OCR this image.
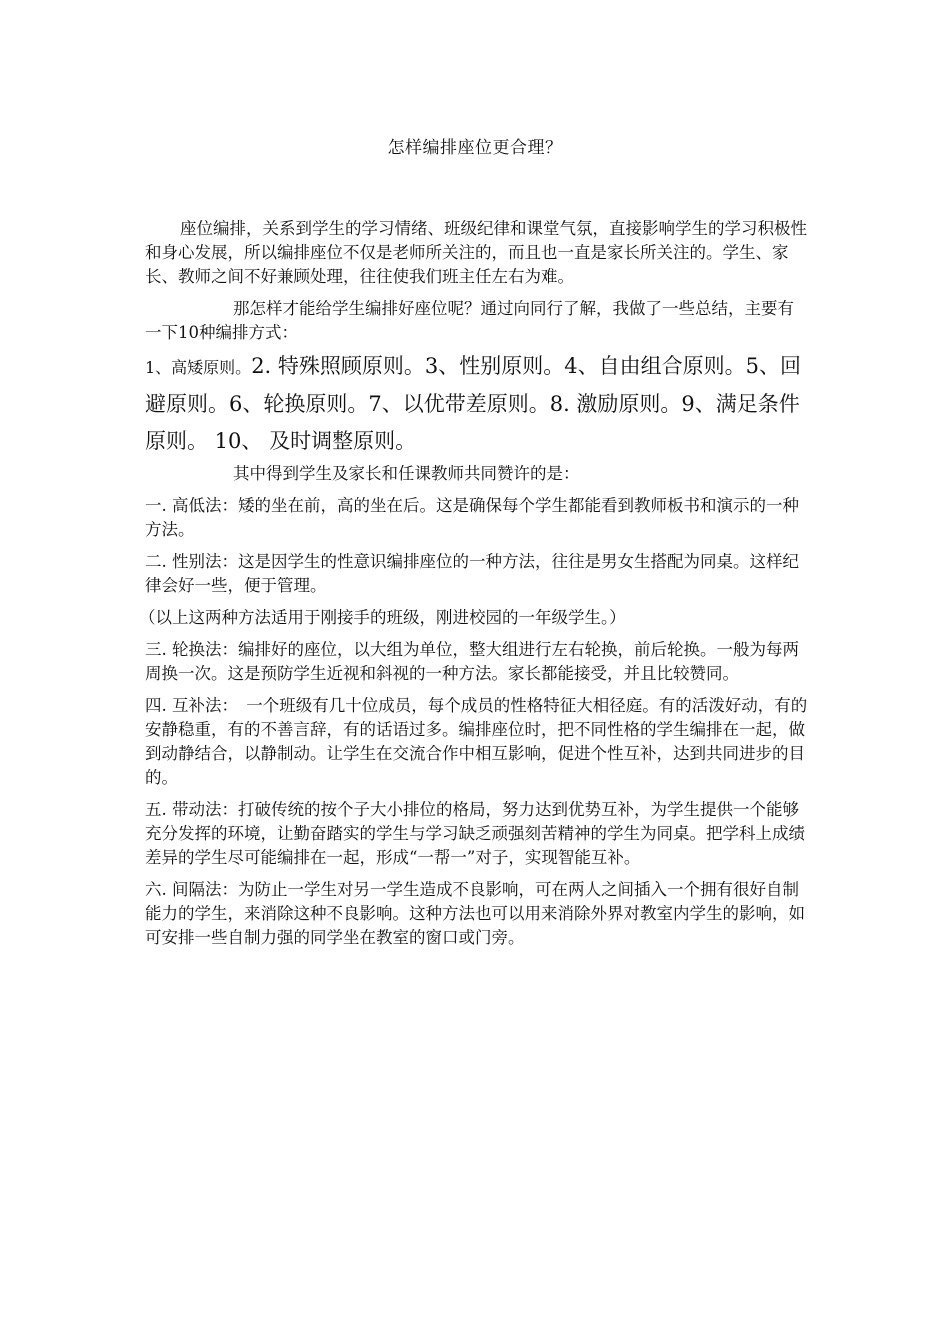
怎样编排座位更合理？

座位编排，关系到学生的学习情绪、班级纪律和课堂气氛，直接影响学生的学习积极性和身心发展，所以编排座位不仅是老师所关注的，而且也一直是家长所关注的。学生、家长、教师之间不好兼顾处理，往往使我们班主任左右为难。

那怎样才能给学生编排好座位呢？通过向同行了解，我做了一些总结，主要有一下10种编排方式：

1、高矮原则。2. 特殊照顾原则。3、性别原则。4、自由组合原则。5、回避原则。6、轮换原则。7、以优带差原则。8. 激励原则。9、满足条件原则。 10、 及时调整原则。

其中得到学生及家长和任课教师共同赞许的是：

一. 高低法：矮的坐在前，高的坐在后。这是确保每个学生都能看到教师板书和演示的一种方法。

二. 性别法：这是因学生的性意识编排座位的一种方法，往往是男女生搭配为同桌。这样纪律会好一些，便于管理。

（以上这两种方法适用于刚接手的班级，刚进校园的一年级学生。）

三. 轮换法：编排好的座位，以大组为单位，整大组进行左右轮换，前后轮换。一般为每两周换一次。这是预防学生近视和斜视的一种方法。家长都能接受，并且比较赞同。

四. 互补法：　一个班级有几十位成员，每个成员的性格特征大相径庭。有的活泼好动，有的安静稳重，有的不善言辞，有的话语过多。编排座位时，把不同性格的学生编排在一起，做到动静结合，以静制动。让学生在交流合作中相互影响，促进个性互补，达到共同进步的目的。

五. 带动法：打破传统的按个子大小排位的格局，努力达到优势互补，为学生提供一个能够充分发挥的环境，让勤奋踏实的学生与学习缺乏顽强刻苦精神的学生为同桌。把学科上成绩差异的学生尽可能编排在一起，形成“一帮一”对子，实现智能互补。

六. 间隔法：为防止一学生对另一学生造成不良影响，可在两人之间插入一个拥有很好自制能力的学生，来消除这种不良影响。这种方法也可以用来消除外界对教室内学生的影响，如可安排一些自制力强的同学坐在教室的窗口或门旁。
